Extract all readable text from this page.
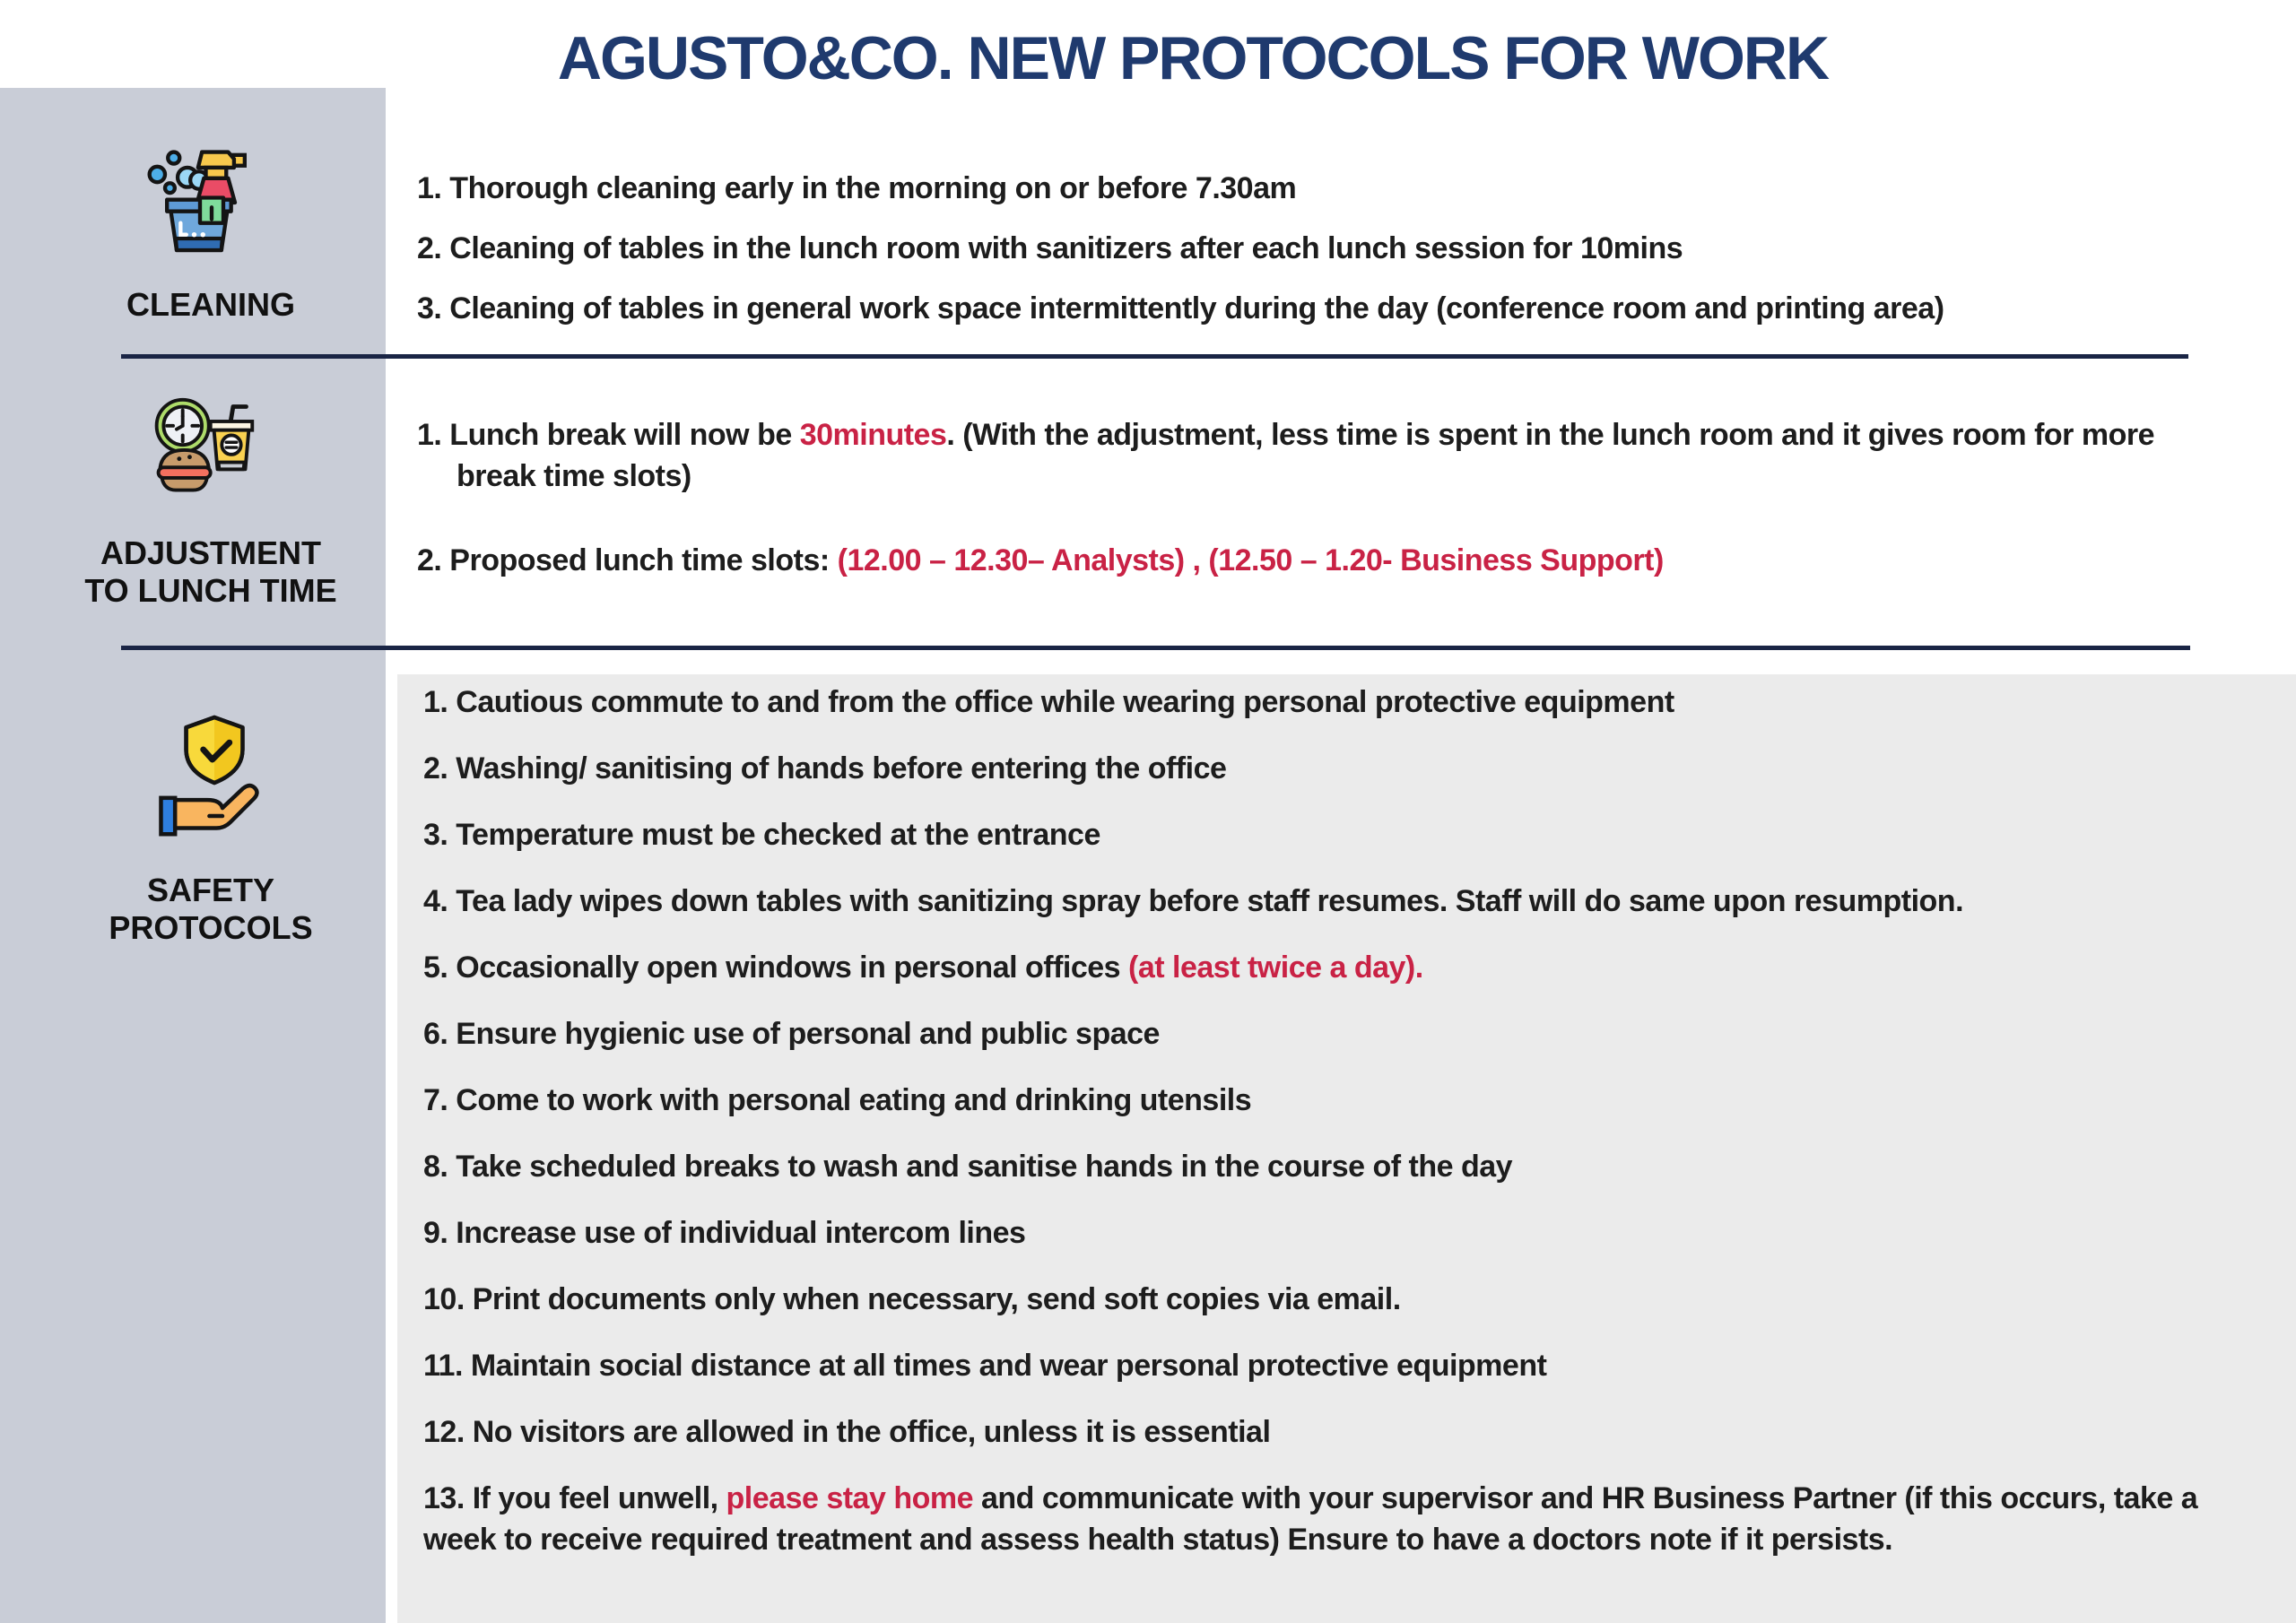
AGUSTO&CO. NEW PROTOCOLS FOR WORK
CLEANING
1. Thorough cleaning early in the morning on or before 7.30am
2. Cleaning of tables in the lunch room with sanitizers after each lunch session for 10mins
3. Cleaning of tables in general work space intermittently during the day (conference room and printing area)
ADJUSTMENT
TO LUNCH TIME
1. Lunch break will now be 30minutes. (With the adjustment, less time is spent in the lunch room and it gives room for more break time slots)
2. Proposed lunch time slots: (12.00 – 12.30– Analysts) , (12.50 – 1.20- Business Support)
SAFETY
PROTOCOLS
1. Cautious commute to and from the office while wearing personal protective equipment
2. Washing/ sanitising of hands before entering the office
3. Temperature must be checked at the entrance
4. Tea lady wipes down tables with sanitizing spray before staff resumes. Staff will do same upon resumption.
5. Occasionally open windows in personal offices (at least twice a day).
6. Ensure hygienic use of personal and public space
7. Come to work with personal eating and drinking utensils
8. Take scheduled breaks to wash and sanitise hands in the course of the day
9. Increase use of individual intercom lines
10. Print documents only when necessary, send soft copies via email.
11. Maintain social distance at all times and wear personal protective equipment
12. No visitors are allowed in the office, unless it is essential
13. If you feel unwell, please stay home and communicate with your supervisor and HR Business Partner (if this occurs, take a week to receive required treatment and assess health status) Ensure to have a doctors note if it persists.
